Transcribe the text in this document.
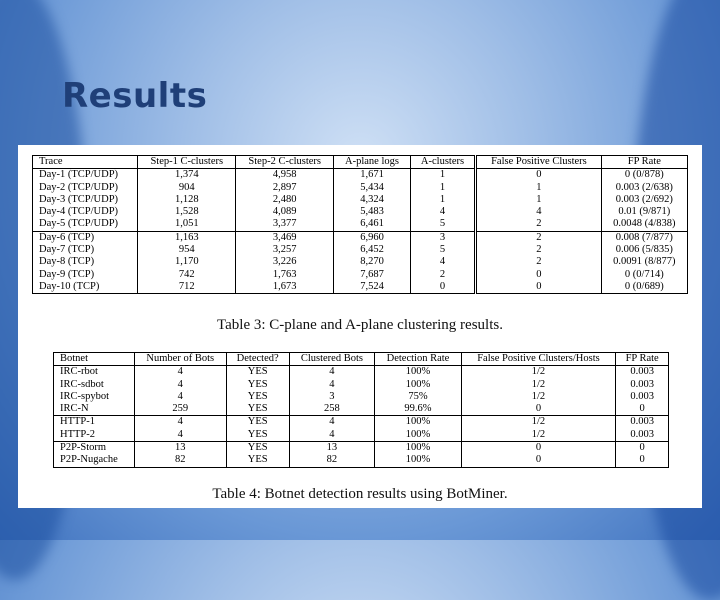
Results
Trace	Step-1 C-clusters	Step-2 C-clusters	A-plane logs	A-clusters	False Positive Clusters	FP Rate
Day-1 (TCP/UDP)	1,374	4,958	1,671	1	0	0 (0/878)
Day-2 (TCP/UDP)	904	2,897	5,434	1	1	0.003 (2/638)
Day-3 (TCP/UDP)	1,128	2,480	4,324	1	1	0.003 (2/692)
Day-4 (TCP/UDP)	1,528	4,089	5,483	4	4	0.01 (9/871)
Day-5 (TCP/UDP)	1,051	3,377	6,461	5	2	0.0048 (4/838)
Day-6 (TCP)	1,163	3,469	6,960	3	2	0.008 (7/877)
Day-7 (TCP)	954	3,257	6,452	5	2	0.006 (5/835)
Day-8 (TCP)	1,170	3,226	8,270	4	2	0.0091 (8/877)
Day-9 (TCP)	742	1,763	7,687	2	0	0 (0/714)
Day-10 (TCP)	712	1,673	7,524	0	0	0 (0/689)

Table 3: C-plane and A-plane clustering results.

Botnet	Number of Bots	Detected?	Clustered Bots	Detection Rate	False Positive Clusters/Hosts	FP Rate
IRC-rbot	4	YES	4	100%	1/2	0.003
IRC-sdbot	4	YES	4	100%	1/2	0.003
IRC-spybot	4	YES	3	75%	1/2	0.003
IRC-N	259	YES	258	99.6%	0	0
HTTP-1	4	YES	4	100%	1/2	0.003
HTTP-2	4	YES	4	100%	1/2	0.003
P2P-Storm	13	YES	13	100%	0	0
P2P-Nugache	82	YES	82	100%	0	0

Table 4: Botnet detection results using BotMiner.
